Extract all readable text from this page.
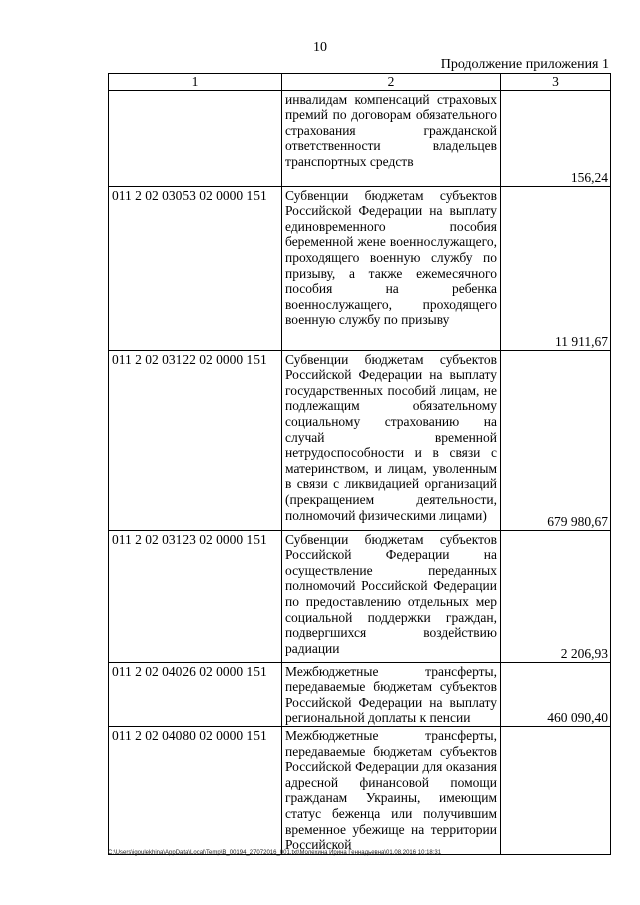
10
Продолжение приложения 1
1	2	3
	инвалидам компенсаций страховых премий по договорам обязательного страхования гражданской ответственности владельцев транспортных средств	156,24
011 2 02 03053 02 0000 151	Субвенции бюджетам субъектов Российской Федерации на выплату единовременного пособия беременной жене военнослужащего, проходящего военную службу по призыву, а также ежемесячного пособия на ребенка военнослужащего, проходящего военную службу по призыву	11 911,67
011 2 02 03122 02 0000 151	Субвенции бюджетам субъектов Российской Федерации на выплату государственных пособий лицам, не подлежащим обязательному социальному страхованию на случай временной нетрудоспособности и в связи с материнством, и лицам, уволенным в связи с ликвидацией организаций (прекращением деятельности, полномочий физическими лицами)	679 980,67
011 2 02 03123 02 0000 151	Субвенции бюджетам субъектов Российской Федерации на осуществление переданных полномочий Российской Федерации по предоставлению отдельных мер социальной поддержки граждан, подвергшихся воздействию радиации	2 206,93
011 2 02 04026 02 0000 151	Межбюджетные трансферты, передаваемые бюджетам субъектов Российской Федерации на выплату региональной доплаты к пенсии	460 090,40
011 2 02 04080 02 0000 151	Межбюджетные трансферты, передаваемые бюджетам субъектов Российской Федерации для оказания адресной финансовой помощи гражданам Украины, имеющим статус беженца или получившим временное убежище на территории Российской	
C:\Users\igoulekhina\AppData\Local\Temp\B_00194_27072016_001.txt\Молехина Ирина Геннадьевна\01.08.2016 10:18:31
